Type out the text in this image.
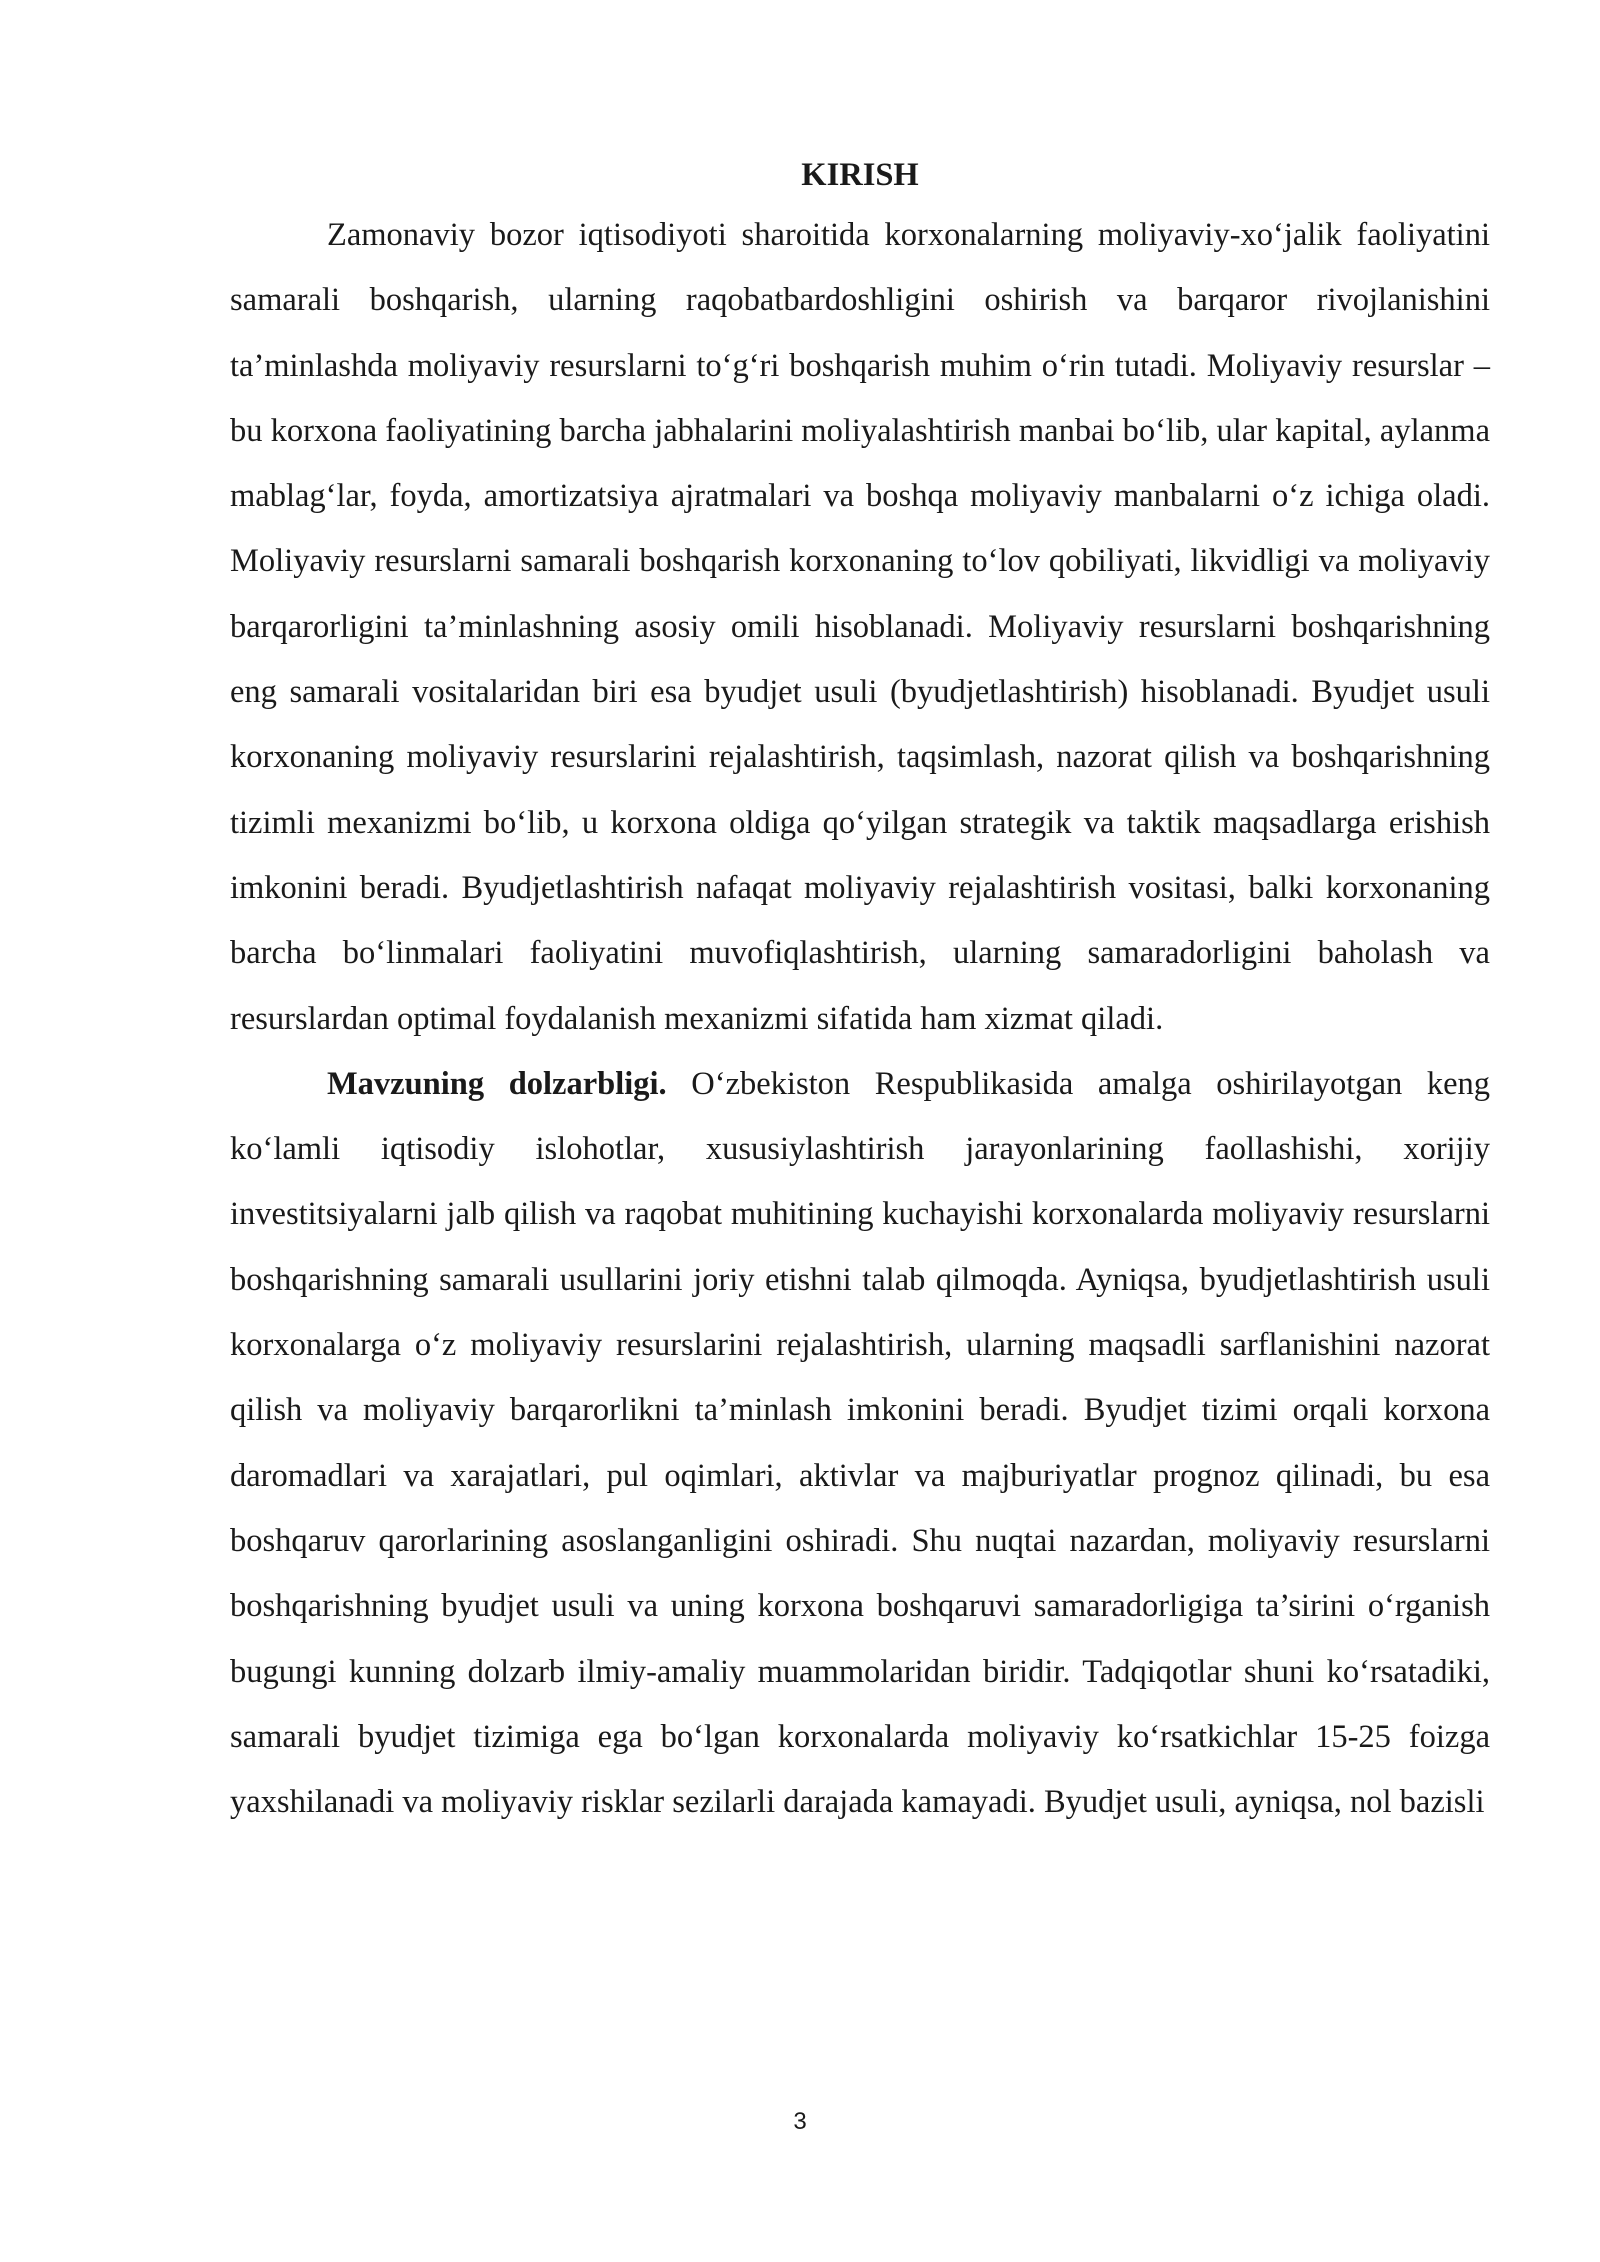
KIRISH

Zamonaviy bozor iqtisodiyoti sharoitida korxonalarning moliyaviy-xo‘jalik faoliyatini samarali boshqarish, ularning raqobatbardoshligini oshirish va barqaror rivojlanishini ta’minlashda moliyaviy resurslarni to‘g‘ri boshqarish muhim o‘rin tutadi. Moliyaviy resurslar – bu korxona faoliyatining barcha jabhalarini moliyalashtirish manbai bo‘lib, ular kapital, aylanma mablag‘lar, foyda, amortizatsiya ajratmalari va boshqa moliyaviy manbalarni o‘z ichiga oladi. Moliyaviy resurslarni samarali boshqarish korxonaning to‘lov qobiliyati, likvidligi va moliyaviy barqarorligini ta’minlashning asosiy omili hisoblanadi. Moliyaviy resurslarni boshqarishning eng samarali vositalaridan biri esa byudjet usuli (byudjetlashtirish) hisoblanadi. Byudjet usuli korxonaning moliyaviy resurslarini rejalashtirish, taqsimlash, nazorat qilish va boshqarishning tizimli mexanizmi bo‘lib, u korxona oldiga qo‘yilgan strategik va taktik maqsadlarga erishish imkonini beradi. Byudjetlashtirish nafaqat moliyaviy rejalashtirish vositasi, balki korxonaning barcha bo‘linmalari faoliyatini muvofiqlashtirish, ularning samaradorligini baholash va resurslardan optimal foydalanish mexanizmi sifatida ham xizmat qiladi.

Mavzuning dolzarbligi. O‘zbekiston Respublikasida amalga oshirilayotgan keng ko‘lamli iqtisodiy islohotlar, xususiylashtirish jarayonlarining faollashishi, xorijiy investitsiyalarni jalb qilish va raqobat muhitining kuchayishi korxonalarda moliyaviy resurslarni boshqarishning samarali usullarini joriy etishni talab qilmoqda. Ayniqsa, byudjetlashtirish usuli korxonalarga o‘z moliyaviy resurslarini rejalashtirish, ularning maqsadli sarflanishini nazorat qilish va moliyaviy barqarorlikni ta’minlash imkonini beradi. Byudjet tizimi orqali korxona daromadlari va xarajatlari, pul oqimlari, aktivlar va majburiyatlar prognoz qilinadi, bu esa boshqaruv qarorlarining asoslanganligini oshiradi. Shu nuqtai nazardan, moliyaviy resurslarni boshqarishning byudjet usuli va uning korxona boshqaruvi samaradorligiga ta’sirini o‘rganish bugungi kunning dolzarb ilmiy-amaliy muammolaridan biridir. Tadqiqotlar shuni ko‘rsatadiki, samarali byudjet tizimiga ega bo‘lgan korxonalarda moliyaviy ko‘rsatkichlar 15-25 foizga yaxshilanadi va moliyaviy risklar sezilarli darajada kamayadi. Byudjet usuli, ayniqsa, nol bazisli

3
